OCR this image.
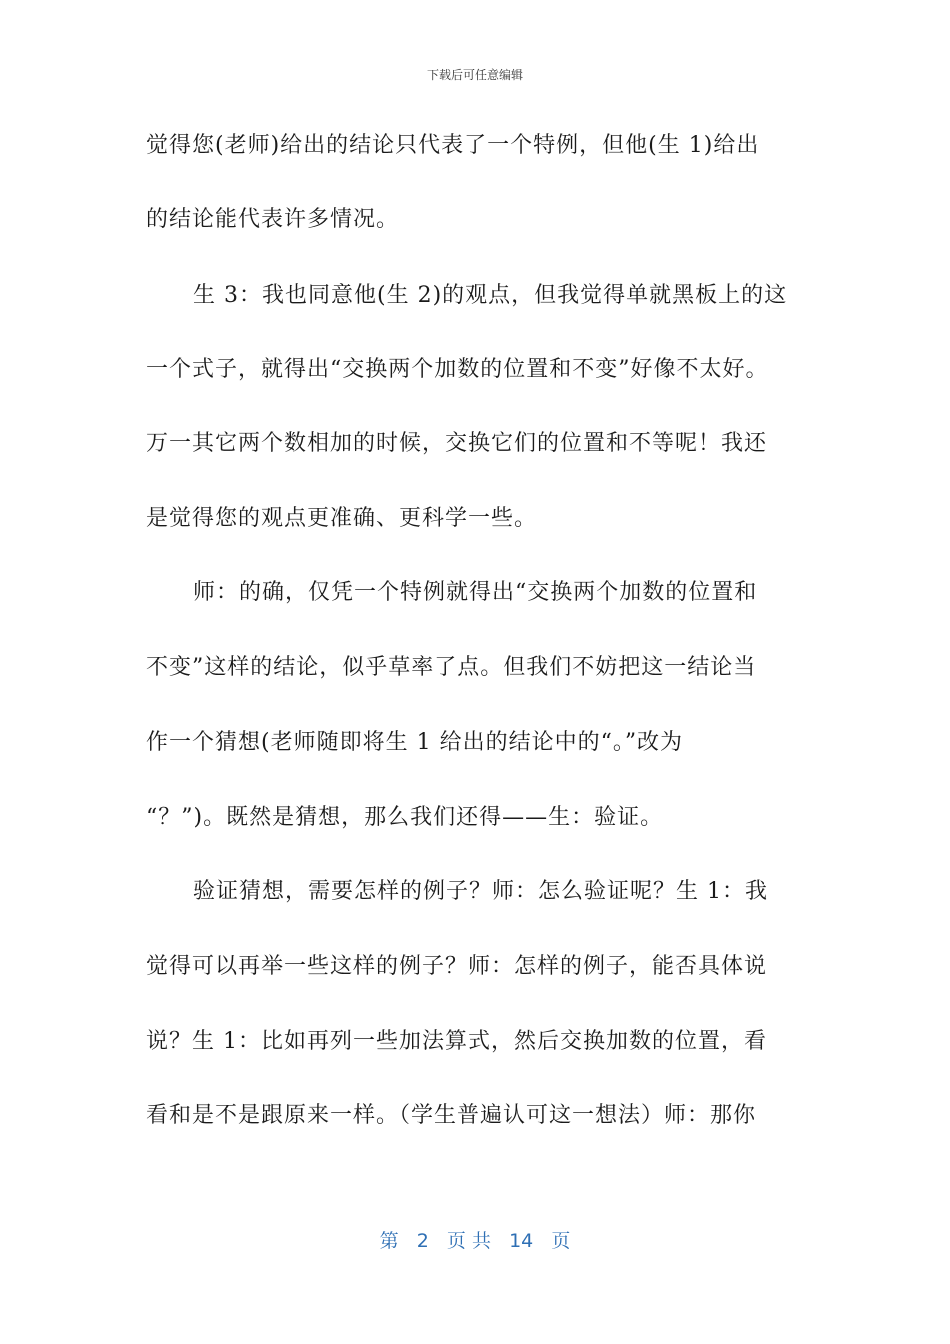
下载后可任意编辑
觉得您(老师)给出的结论只代表了一个特例，但他(生 1)给出
的结论能代表许多情况。
生 3：我也同意他(生 2)的观点，但我觉得单就黑板上的这
一个式子，就得出“交换两个加数的位置和不变”好像不太好。
万一其它两个数相加的时候，交换它们的位置和不等呢！我还
是觉得您的观点更准确、更科学一些。
师：的确，仅凭一个特例就得出“交换两个加数的位置和
不变”这样的结论，似乎草率了点。但我们不妨把这一结论当
作一个猜想(老师随即将生 1 给出的结论中的“。”改为
“？”)。既然是猜想，那么我们还得——生：验证。
验证猜想，需要怎样的例子？师：怎么验证呢？生 1：我
觉得可以再举一些这样的例子？师：怎样的例子，能否具体说
说？生 1：比如再列一些加法算式，然后交换加数的位置，看
看和是不是跟原来一样。（学生普遍认可这一想法）师：那你
第 2 页 共 14 页
